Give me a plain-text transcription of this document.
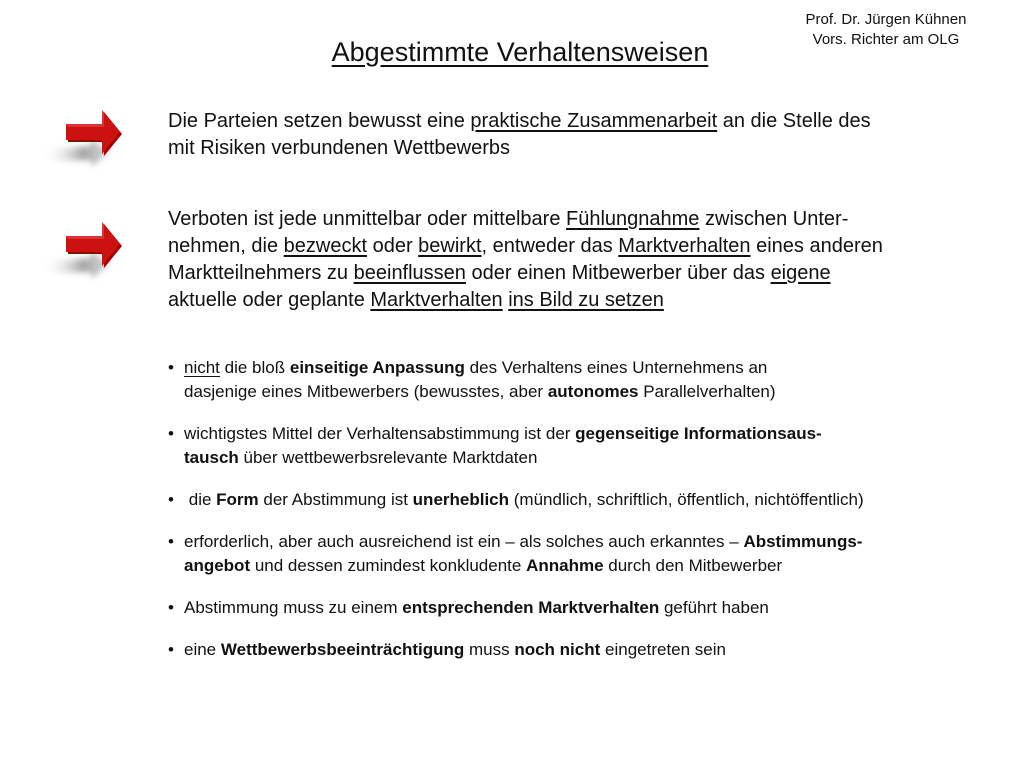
Prof. Dr. Jürgen Kühnen
Vors. Richter am OLG
Abgestimmte Verhaltensweisen
Die Parteien setzen bewusst eine praktische Zusammenarbeit an die Stelle des
mit Risiken verbundenen Wettbewerbs
Verboten ist jede unmittelbar oder mittelbare Fühlungnahme zwischen Unter-
nehmen, die bezweckt oder bewirkt, entweder das Marktverhalten eines anderen
Marktteilnehmers zu beeinflussen oder einen Mitbewerber über das eigene
aktuelle oder geplante Marktverhalten ins Bild zu setzen
• nicht die bloß einseitige Anpassung des Verhaltens eines Unternehmens an
dasjenige eines Mitbewerbers (bewusstes, aber autonomes Parallelverhalten)
• wichtigstes Mittel der Verhaltensabstimmung ist der gegenseitige Informationsaus-
tausch über wettbewerbsrelevante Marktdaten
• die Form der Abstimmung ist unerheblich (mündlich, schriftlich, öffentlich, nichtöffentlich)
• erforderlich, aber auch ausreichend ist ein – als solches auch erkanntes – Abstimmungs-
angebot und dessen zumindest konkludente Annahme durch den Mitbewerber
• Abstimmung muss zu einem entsprechenden Marktverhalten geführt haben
• eine Wettbewerbsbeeinträchtigung muss noch nicht eingetreten sein
